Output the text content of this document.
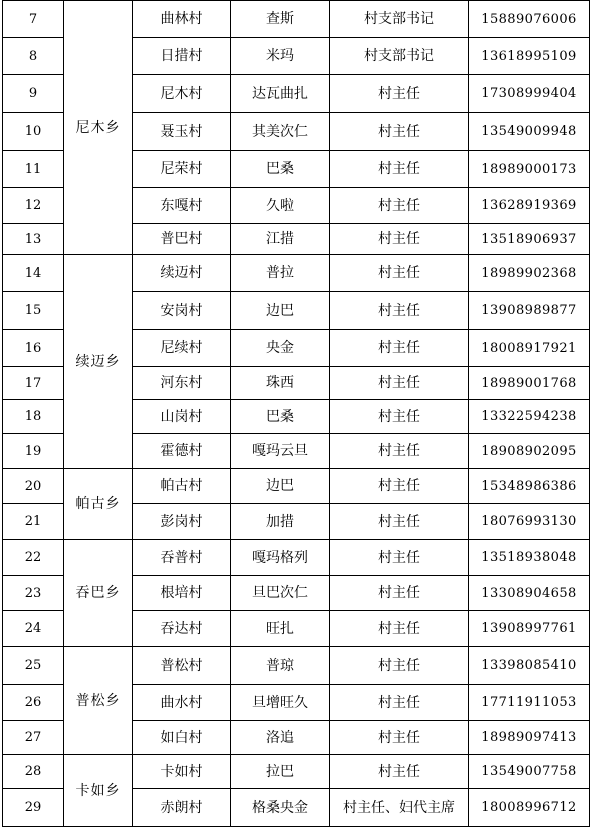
7	尼木乡	曲林村	查斯	村支部书记	15889076006
8		日措村	米玛	村支部书记	13618995109
9		尼木村	达瓦曲扎	村主任	17308999404
10		聂玉村	其美次仁	村主任	13549009948
11		尼荣村	巴桑	村主任	18989000173
12		东嘎村	久啦	村主任	13628919369
13		普巴村	江措	村主任	13518906937
14	续迈乡	续迈村	普拉	村主任	18989902368
15		安岗村	边巴	村主任	13908989877
16		尼续村	央金	村主任	18008917921
17		河东村	珠西	村主任	18989001768
18		山岗村	巴桑	村主任	13322594238
19		霍德村	嘎玛云旦	村主任	18908902095
20	帕古乡	帕古村	边巴	村主任	15348986386
21		彭岗村	加措	村主任	18076993130
22	吞巴乡	吞普村	嘎玛格列	村主任	13518938048
23		根培村	旦巴次仁	村主任	13308904658
24		吞达村	旺扎	村主任	13908997761
25	普松乡	普松村	普琼	村主任	13398085410
26		曲水村	旦增旺久	村主任	17711911053
27		如白村	洛追	村主任	18989097413
28	卡如乡	卡如村	拉巴	村主任	13549007758
29		赤朗村	格桑央金	村主任、妇代主席	18008996712
